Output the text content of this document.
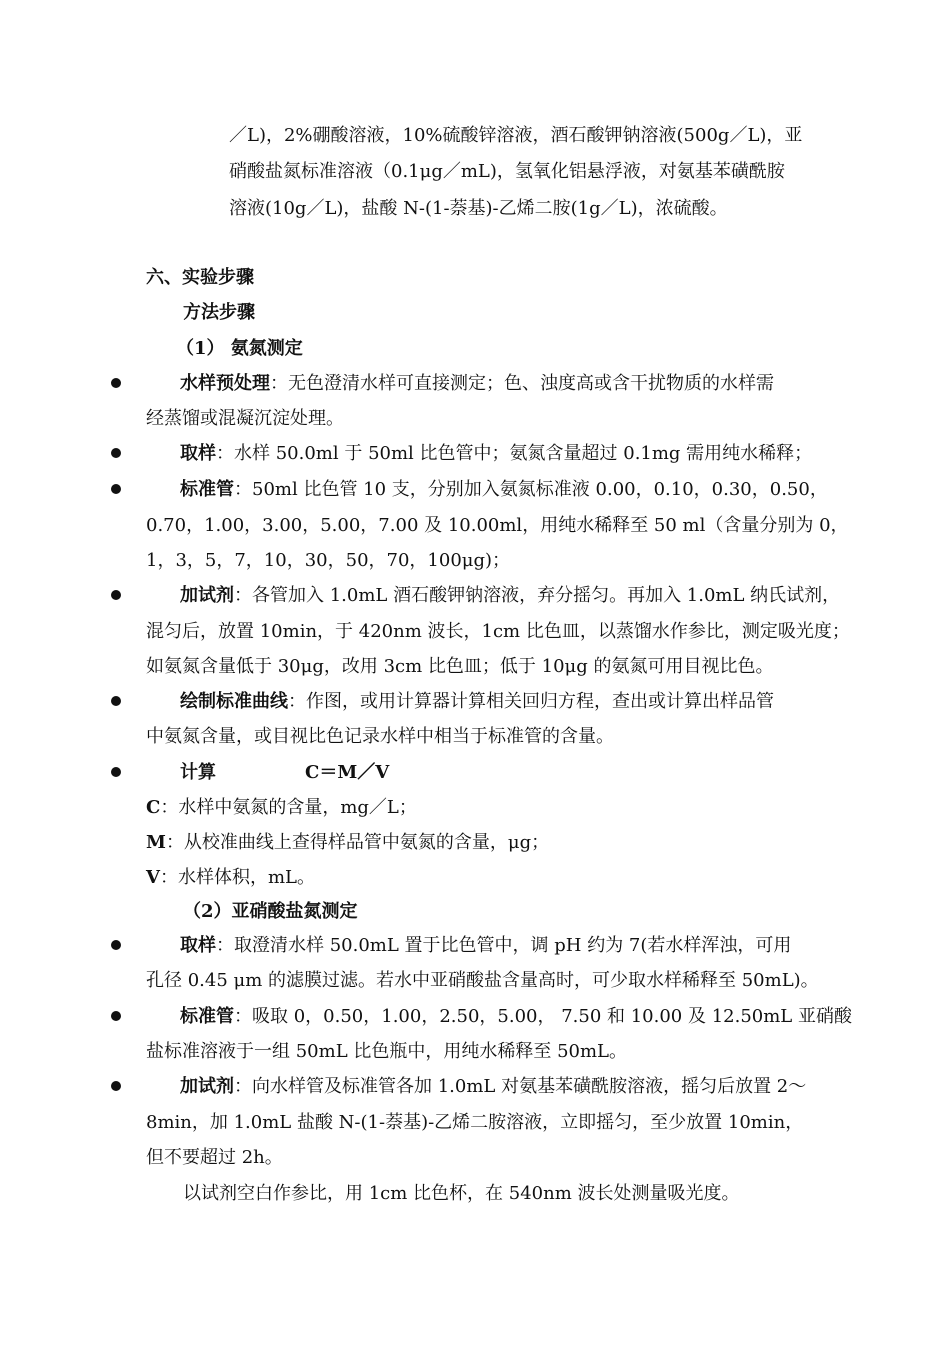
／L)，2%硼酸溶液，10%硫酸锌溶液，酒石酸钾钠溶液(500g／L)，亚
硝酸盐氮标准溶液（0.1μg／mL)，氢氧化铝悬浮液，对氨基苯磺酰胺
溶液(10g／L)，盐酸 N-(1-萘基)-乙烯二胺(1g／L)，浓硫酸。
六、实验步骤
方法步骤
（1） 氨氮测定
水样预处理：无色澄清水样可直接测定；色、浊度高或含干扰物质的水样需
经蒸馏或混凝沉淀处理。
取样：水样 50.0ml 于 50ml 比色管中；氨氮含量超过 0.1mg 需用纯水稀释；
标准管：50ml 比色管 10 支，分别加入氨氮标准液 0.00，0.10，0.30，0.50，
0.70，1.00，3.00，5.00，7.00 及 10.00ml，用纯水稀释至 50 ml（含量分别为 0，
1，3，5，7，10，30，50，70，100μg)；
加试剂：各管加入 1.0mL 酒石酸钾钠溶液，弃分摇匀。再加入 1.0mL 纳氏试剂，
混匀后，放置 10min，于 420nm 波长，1cm 比色皿，以蒸馏水作参比，测定吸光度；
如氨氮含量低于 30μg，改用 3cm 比色皿；低于 10μg 的氨氮可用目视比色。
绘制标准曲线：作图，或用计算器计算相关回归方程，查出或计算出样品管
中氨氮含量，或目视比色记录水样中相当于标准管的含量。
计算	C＝M／V
C：水样中氨氮的含量，mg／L；
M：从校准曲线上查得样品管中氨氮的含量，μg；
V：水样体积，mL。
（2）亚硝酸盐氮测定
取样：取澄清水样 50.0mL 置于比色管中，调 pH 约为 7(若水样浑浊，可用
孔径 0.45 μm 的滤膜过滤。若水中亚硝酸盐含量高时，可少取水样稀释至 50mL)。
标准管：吸取 0，0.50，1.00，2.50，5.00， 7.50 和 10.00 及 12.50mL 亚硝酸
盐标准溶液于一组 50mL 比色瓶中，用纯水稀释至 50mL。
加试剂：向水样管及标准管各加 1.0mL 对氨基苯磺酰胺溶液，摇匀后放置 2～
8min，加 1.0mL 盐酸 N-(1-萘基)-乙烯二胺溶液，立即摇匀，至少放置 10min，
但不要超过 2h。
以试剂空白作参比，用 1cm 比色杯，在 540nm 波长处测量吸光度。
